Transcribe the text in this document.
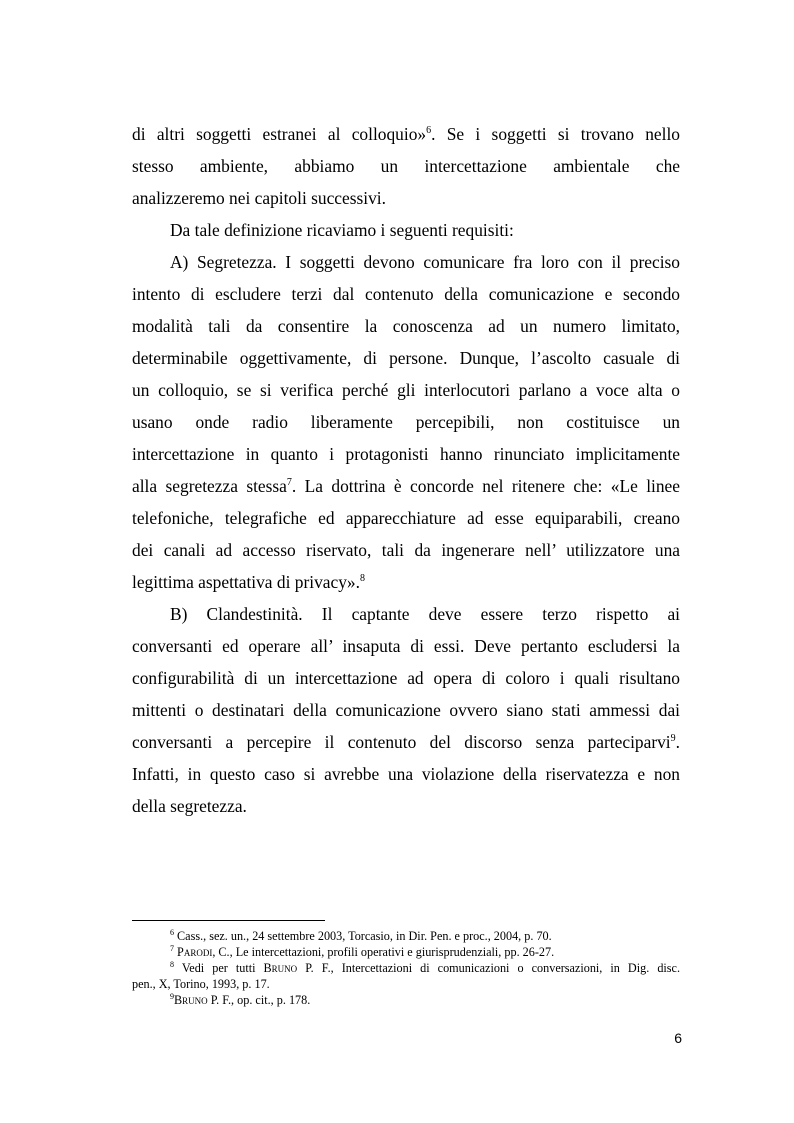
di altri soggetti estranei al colloquio»$^6$. Se i soggetti si trovano nello
stesso ambiente, abbiamo un intercettazione ambientale che
analizzeremo nei capitoli successivi.
Da tale definizione ricaviamo i seguenti requisiti:
A) Segretezza. I soggetti devono comunicare fra loro con il preciso
intento di escludere terzi dal contenuto della comunicazione e secondo
modalità tali da consentire la conoscenza ad un numero limitato,
determinabile oggettivamente, di persone. Dunque, l’ascolto casuale di
un colloquio, se si verifica perché gli interlocutori parlano a voce alta o
usano onde radio liberamente percepibili, non costituisce un
intercettazione in quanto i protagonisti hanno rinunciato implicitamente
alla segretezza stessa$^7$. La dottrina è concorde nel ritenere che: «Le linee
telefoniche, telegrafiche ed apparecchiature ad esse equiparabili, creano
dei canali ad accesso riservato, tali da ingenerare nell’ utilizzatore una
legittima aspettativa di privacy».$^8$
B) Clandestinità. Il captante deve essere terzo rispetto ai
conversanti ed operare all’ insaputa di essi. Deve pertanto escludersi la
configurabilità di un intercettazione ad opera di coloro i quali risultano
mittenti o destinatari della comunicazione ovvero siano stati ammessi dai
conversanti a percepire il contenuto del discorso senza parteciparvi$^9$.
Infatti, in questo caso si avrebbe una violazione della riservatezza e non
della segretezza.
$^6$ Cass., sez. un., 24 settembre 2003, Torcasio, in Dir. Pen. e proc., 2004, p. 70.
$^7$ Parodi, C., Le intercettazioni, profili operativi e giurisprudenziali, pp. 26-27.
$^8$ Vedi per tutti Bruno P. F., Intercettazioni di comunicazioni o conversazioni, in Dig. disc.
pen., X, Torino, 1993, p. 17.
$^9$Bruno P. F., op. cit., p. 178.
6
